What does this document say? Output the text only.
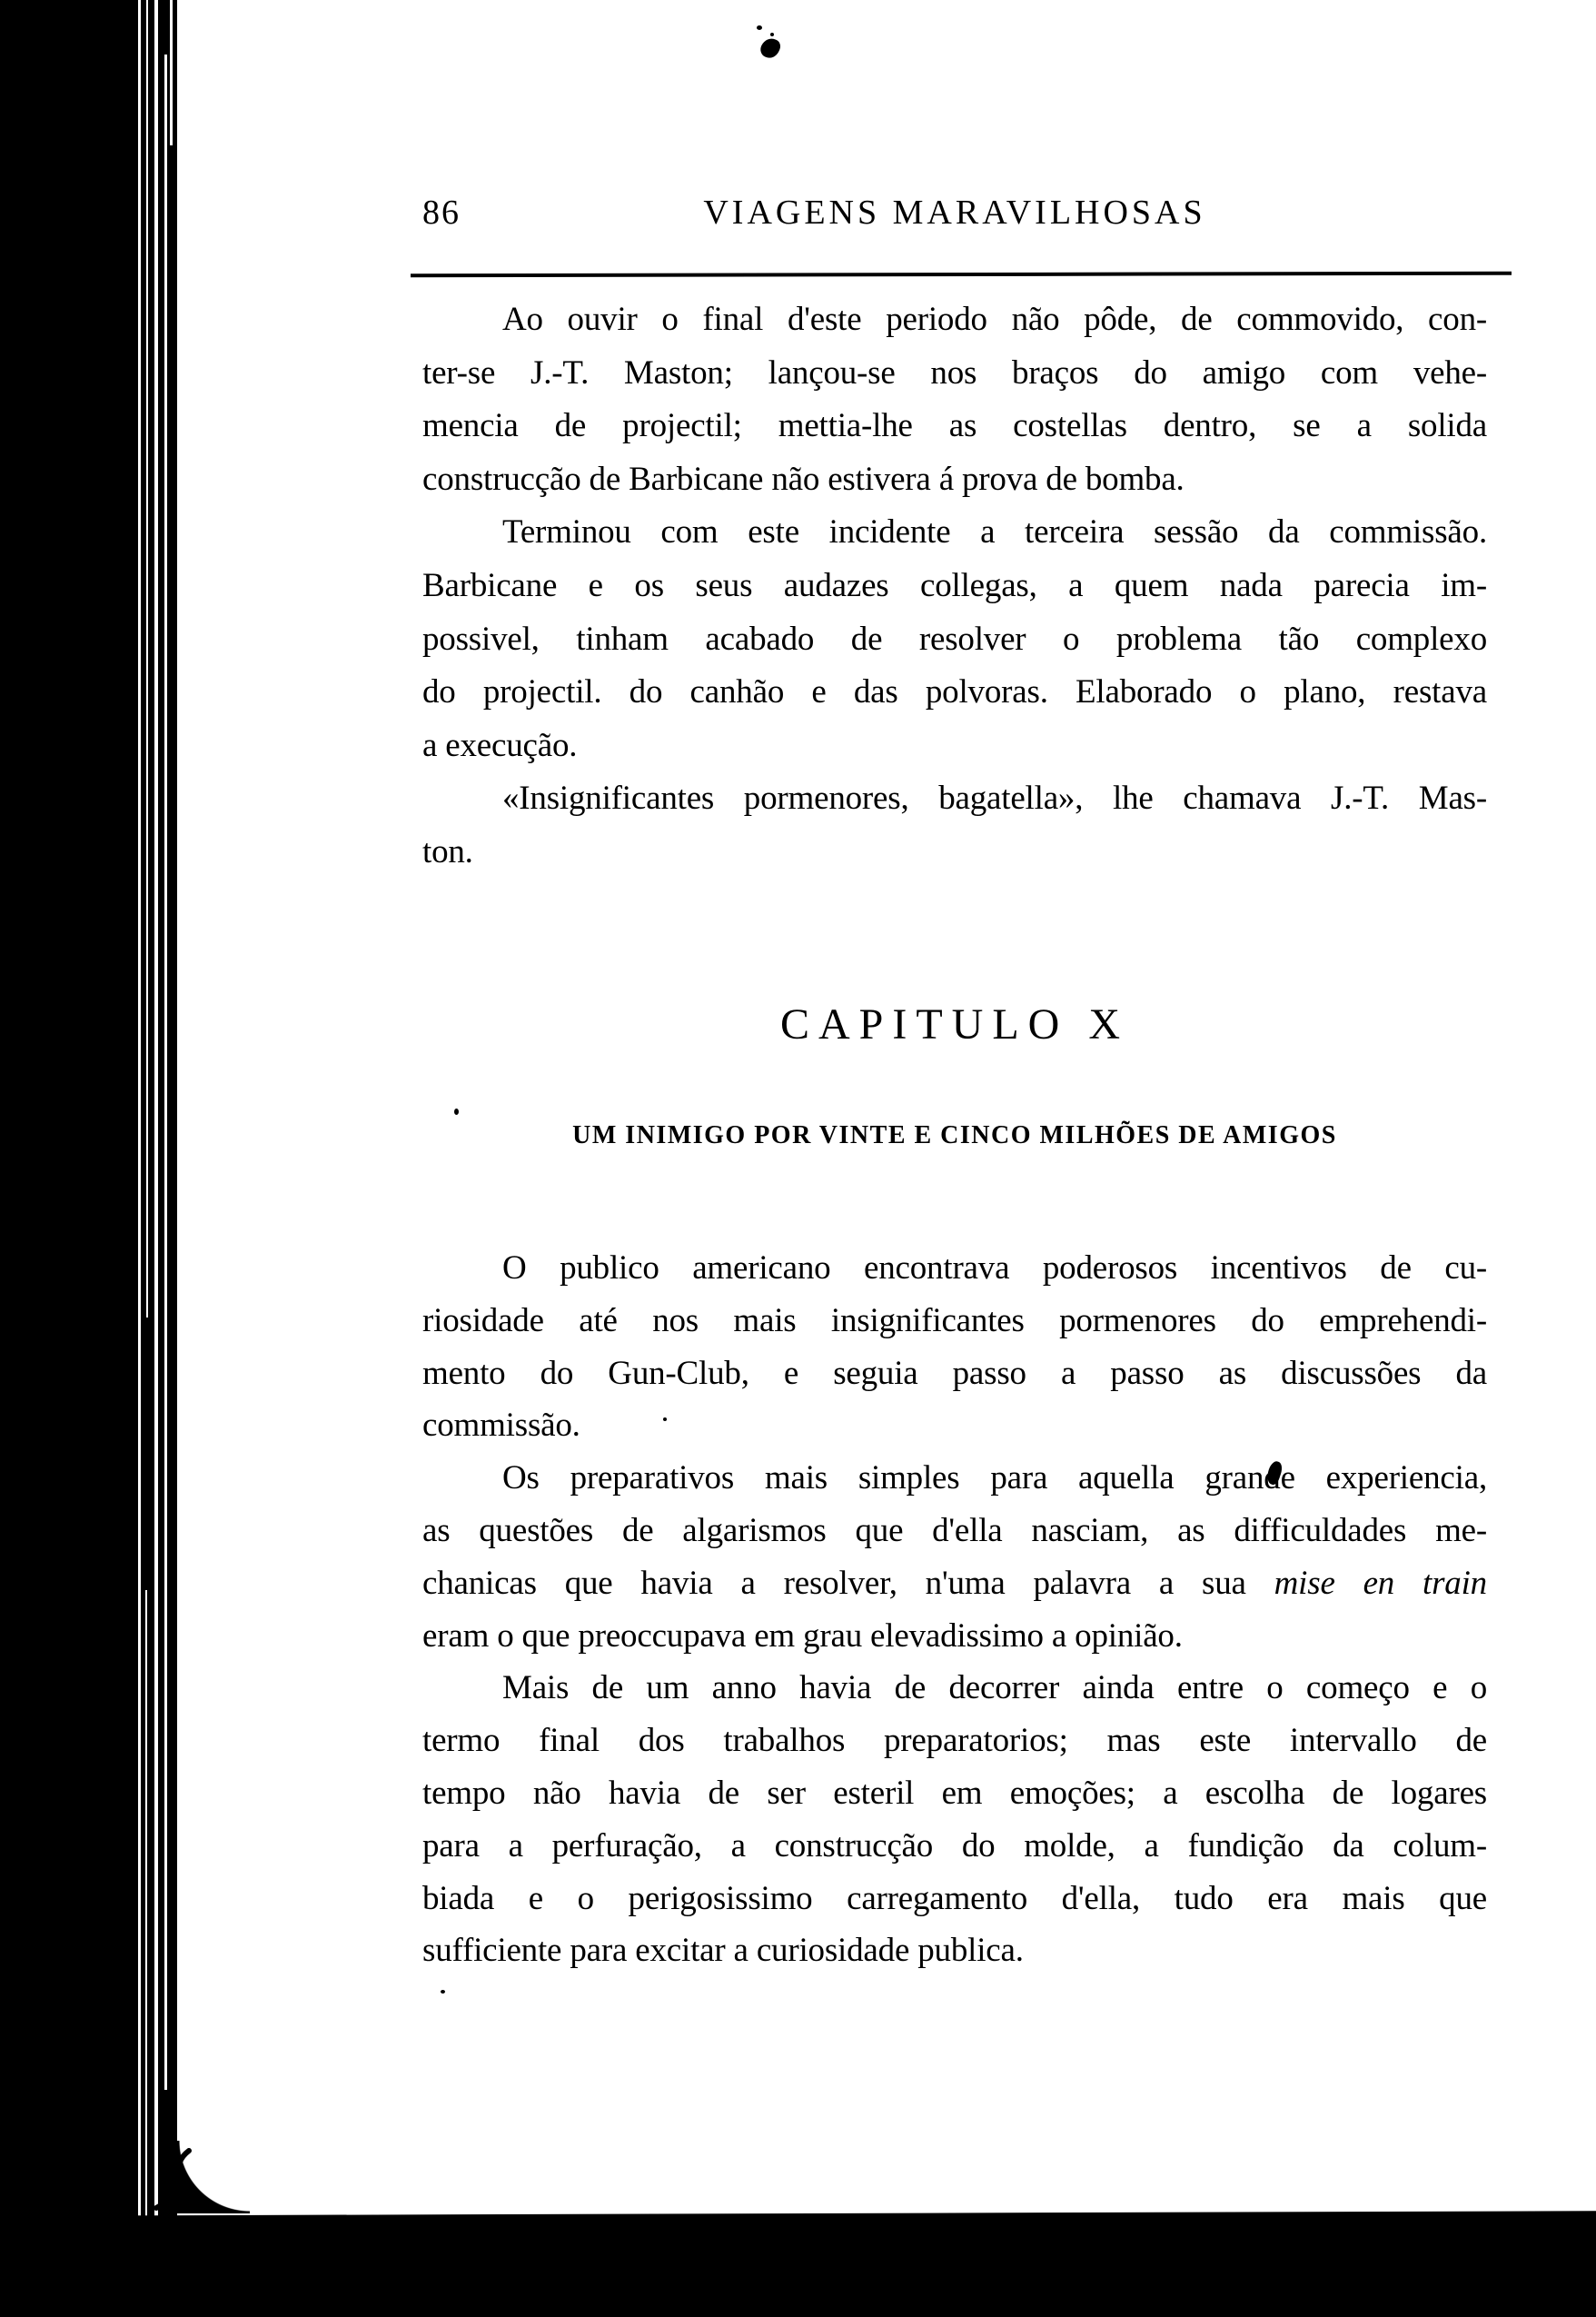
86	VIAGENS MARAVILHOSAS
Ao ouvir o final d'este periodo não pôde, de commovido, con-
ter-se J.-T. Maston; lançou-se nos braços do amigo com vehe-
mencia de projectil; mettia-lhe as costellas dentro, se a solida
construcção de Barbicane não estivera á prova de bomba.
Terminou com este incidente a terceira sessão da commissão.
Barbicane e os seus audazes collegas, a quem nada parecia im-
possivel, tinham acabado de resolver o problema tão complexo
do projectil. do canhão e das polvoras. Elaborado o plano, restava
a execução.
«Insignificantes pormenores, bagatella», lhe chamava J.-T. Mas-
ton.
CAPITULO X
UM INIMIGO POR VINTE E CINCO MILHÕES DE AMIGOS
O publico americano encontrava poderosos incentivos de cu-
riosidade até nos mais insignificantes pormenores do emprehendi-
mento do Gun-Club, e seguia passo a passo as discussões da
commissão.
Os preparativos mais simples para aquella grande experiencia,
as questões de algarismos que d'ella nasciam, as difficuldades me-
chanicas que havia a resolver, n'uma palavra a sua mise en train
eram o que preoccupava em grau elevadissimo a opinião.
Mais de um anno havia de decorrer ainda entre o começo e o
termo final dos trabalhos preparatorios; mas este intervallo de
tempo não havia de ser esteril em emoções; a escolha de logares
para a perfuração, a construcção do molde, a fundição da colum-
biada e o perigosissimo carregamento d'ella, tudo era mais que
sufficiente para excitar a curiosidade publica.
